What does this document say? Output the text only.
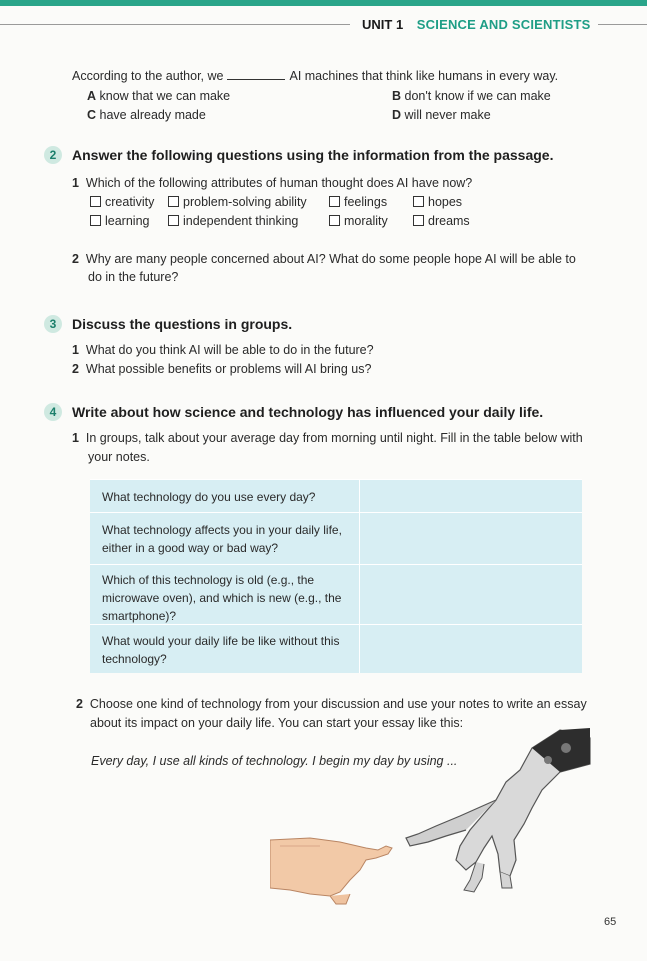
UNIT 1 SCIENCE AND SCIENTISTS
According to the author, we	AI machines that think like humans in every way.
A know that we can make	B don't know if we can make
C have already made	D will never make
2	Answer the following questions using the information from the passage.
1 Which of the following attributes of human thought does AI have now?
creativity	problem-solving ability	feelings	hopes
learning	independent thinking	morality	dreams
2 Why are many people concerned about AI? What do some people hope AI will be able to
do in the future?
3	Discuss the questions in groups.
1 What do you think AI will be able to do in the future?
2 What possible benefits or problems will AI bring us?
4	Write about how science and technology has influenced your daily life.
1 In groups, talk about your average day from morning until night. Fill in the table below with
your notes.
What technology do you use every day?
What technology affects you in your daily life, either in a good way or bad way?
Which of this technology is old (e.g., the microwave oven), and which is new (e.g., the smartphone)?
What would your daily life be like without this technology?
2 Choose one kind of technology from your discussion and use your notes to write an essay
about its impact on your daily life. You can start your essay like this:
Every day, I use all kinds of technology. I begin my day by using ...
65
